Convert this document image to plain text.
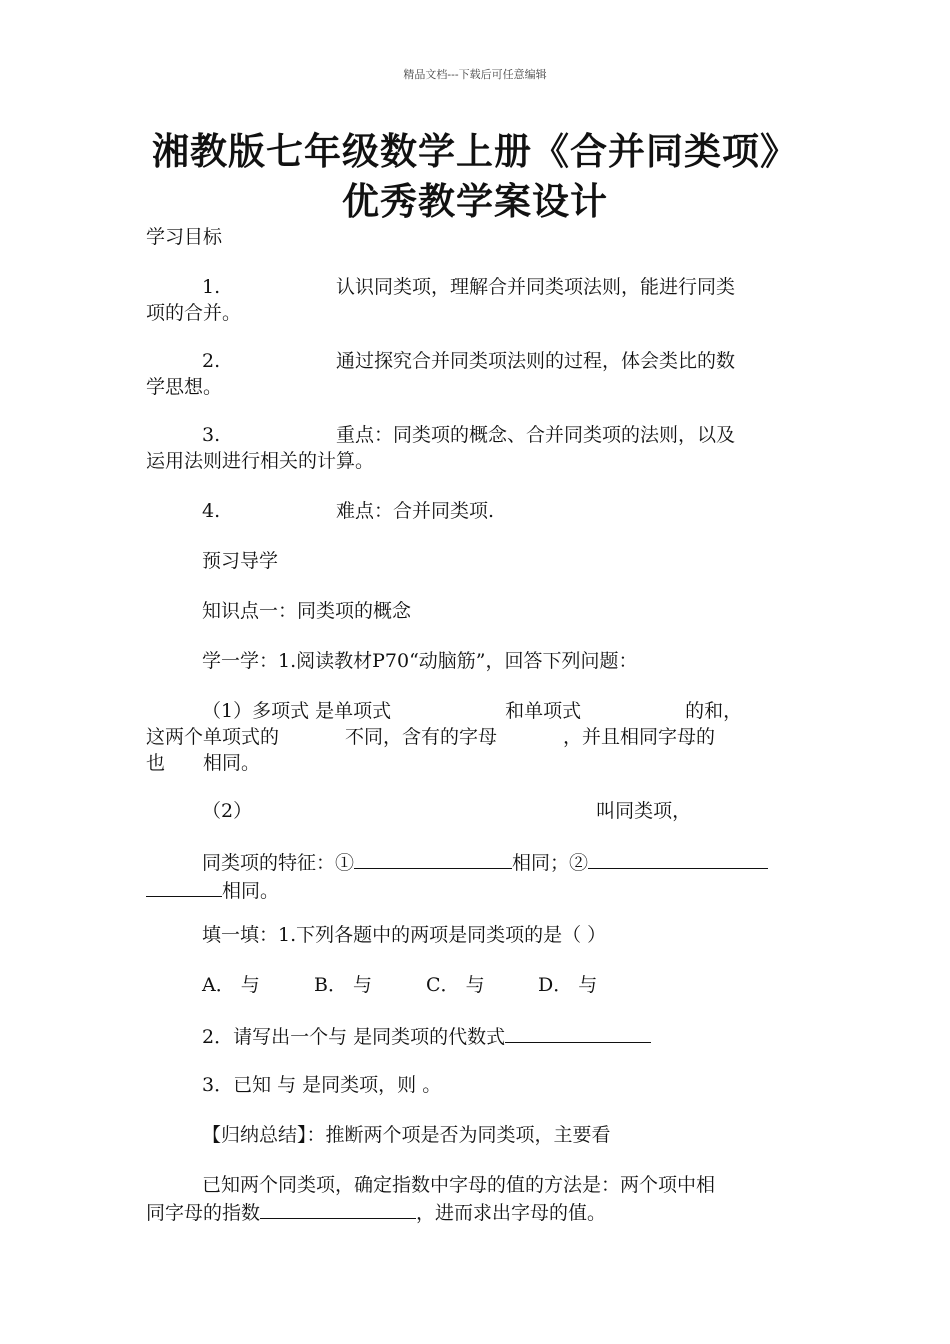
精品文档---下载后可任意编辑
湘教版七年级数学上册《合并同类项》
优秀教学案设计
学习目标
1.	认识同类项，理解合并同类项法则，能进行同类
项的合并。
2.	通过探究合并同类项法则的过程，体会类比的数
学思想。
3.	重点：同类项的概念、合并同类项的法则，以及
运用法则进行相关的计算。
4.	难点：合并同类项.
预习导学
知识点一：同类项的概念
学一学：1.阅读教材P70“动脑筋”，回答下列问题：
（1）多项式 是单项式	和单项式	的和，
这两个单项式的	不同，含有的字母	，并且相同字母的
也 相同。
（2）	叫同类项，
同类项的特征：①	相同；②
相同。
填一填：1.下列各题中的两项是同类项的是（ ）
A． 与	B． 与	C． 与	D． 与
2．请写出一个与 是同类项的代数式
3．已知 与 是同类项，则 。
【归纳总结】：推断两个项是否为同类项，主要看
已知两个同类项，确定指数中字母的值的方法是：两个项中相
同字母的指数	，进而求出字母的值。
